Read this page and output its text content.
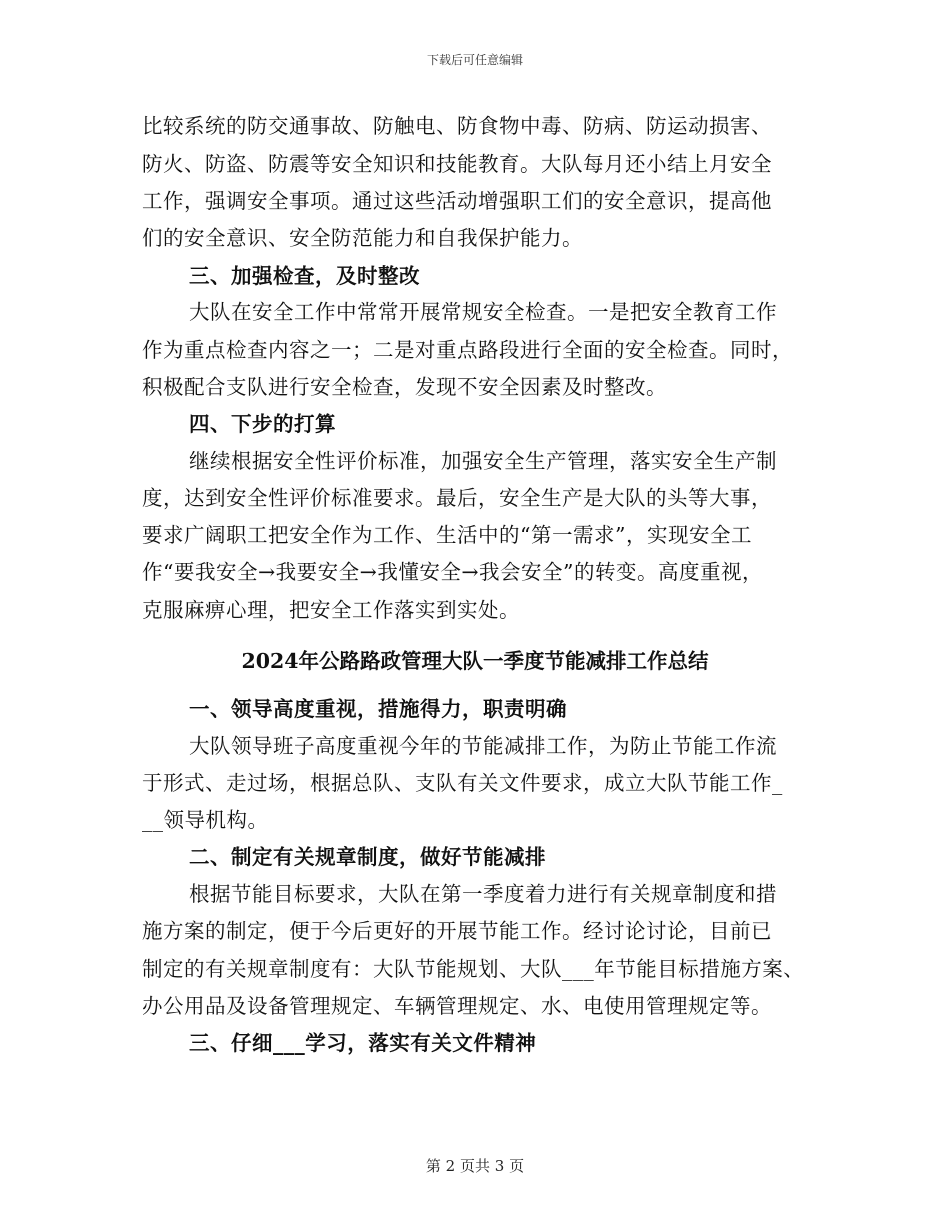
下载后可任意编辑
比较系统的防交通事故、防触电、防食物中毒、防病、防运动损害、
防火、防盗、防震等安全知识和技能教育。大队每月还小结上月安全
工作，强调安全事项。通过这些活动增强职工们的安全意识，提高他
们的安全意识、安全防范能力和自我保护能力。
三、加强检查，及时整改
大队在安全工作中常常开展常规安全检查。一是把安全教育工作
作为重点检查内容之一；二是对重点路段进行全面的安全检查。同时，
积极配合支队进行安全检查，发现不安全因素及时整改。
四、下步的打算
继续根据安全性评价标准，加强安全生产管理，落实安全生产制
度，达到安全性评价标准要求。最后，安全生产是大队的头等大事，
要求广阔职工把安全作为工作、生活中的“第一需求”，实现安全工
作“要我安全→我要安全→我懂安全→我会安全”的转变。高度重视，
克服麻痹心理，把安全工作落实到实处。
2024年公路路政管理大队一季度节能减排工作总结
一、领导高度重视，措施得力，职责明确
大队领导班子高度重视今年的节能减排工作，为防止节能工作流
于形式、走过场，根据总队、支队有关文件要求，成立大队节能工作_
__领导机构。
二、制定有关规章制度，做好节能减排
根据节能目标要求，大队在第一季度着力进行有关规章制度和措
施方案的制定，便于今后更好的开展节能工作。经讨论讨论，目前已
制定的有关规章制度有：大队节能规划、大队___年节能目标措施方案、
办公用品及设备管理规定、车辆管理规定、水、电使用管理规定等。
三、仔细___学习，落实有关文件精神
第 2 页共 3 页
